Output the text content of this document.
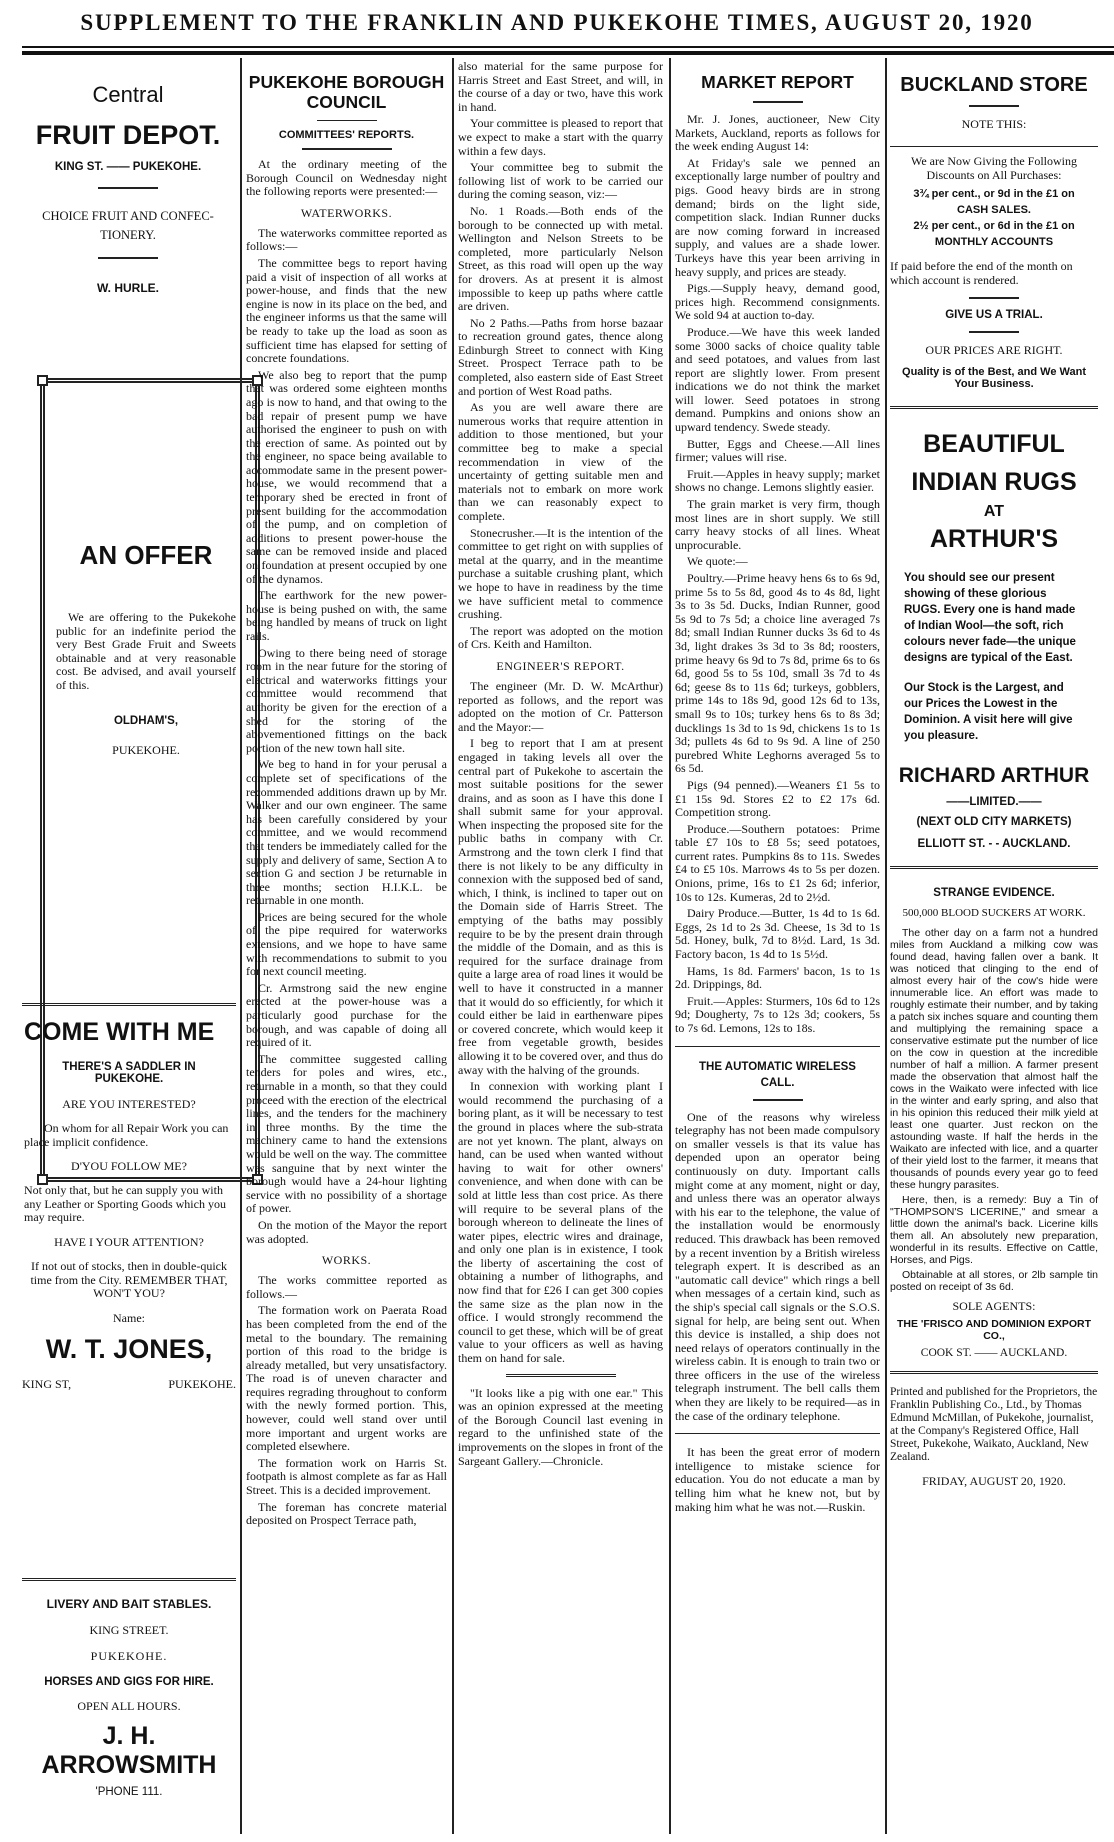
SUPPLEMENT TO THE FRANKLIN AND PUKEKOHE TIMES, AUGUST 20, 1920
Central
FRUIT DEPOT.
KING ST. —— PUKEKOHE.
CHOICE FRUIT AND CONFEC-TIONERY.
W. HURLE.
AN OFFER
We are offering to the Pukekohe public for an indefinite period the very Best Grade Fruit and Sweets obtainable and at very reasonable cost. Be advised, and avail yourself of this.
OLDHAM'S,
PUKEKOHE.
COME WITH ME
THERE'S A SADDLER IN PUKEKOHE.
ARE YOU INTERESTED?
On whom for all Repair Work you can place implicit confidence.
D'YOU FOLLOW ME?
Not only that, but he can supply you with any Leather or Sporting Goods which you may require.
HAVE I YOUR ATTENTION?
If not out of stocks, then in double-quick time from the City. REMEMBER THAT, WON'T YOU?
Name:
W. T. JONES,
KING ST,	PUKEKOHE.
LIVERY AND BAIT STABLES.
KING STREET.
PUKEKOHE.
HORSES AND GIGS FOR HIRE.
OPEN ALL HOURS.
J. H. ARROWSMITH
'PHONE 111.
PUKEKOHE BOROUGH COUNCIL
COMMITTEES' REPORTS.

At the ordinary meeting of the Borough Council on Wednesday night the following reports were presented:—

WATERWORKS.

The waterworks committee reported as follows:—

The committee begs to report having paid a visit of inspection of all works at power-house, and finds that the new engine is now in its place on the bed, and the engineer informs us that the same will be ready to take up the load as soon as sufficient time has elapsed for setting of concrete foundations.

We also beg to report that the pump that was ordered some eighteen months ago is now to hand, and that owing to the bad repair of present pump we have authorised the engineer to push on with the erection of same. As pointed out by the engineer, no space being available to accommodate same in the present power-house, we would recommend that a temporary shed be erected in front of present building for the accommodation of the pump, and on completion of additions to present power-house the same can be removed inside and placed on foundation at present occupied by one of the dynamos.

The earthwork for the new power-house is being pushed on with, the same being handled by means of truck on light rails.

Owing to there being need of storage room in the near future for the storing of electrical and waterworks fittings your committee would recommend that authority be given for the erection of a shed for the storing of the abovementioned fittings on the back portion of the new town hall site.

We beg to hand in for your perusal a complete set of specifications of the recommended additions drawn up by Mr. Walker and our own engineer. The same has been carefully considered by your committee, and we would recommend that tenders be immediately called for the supply and delivery of same, Section A to section G and section J be returnable in three months; section H.I.K.L. be returnable in one month.

Prices are being secured for the whole of the pipe required for waterworks extensions, and we hope to have same with recommendations to submit to you for next council meeting.

Cr. Armstrong said the new engine erected at the power-house was a particularly good purchase for the borough, and was capable of doing all required of it.

The committee suggested calling tenders for poles and wires, etc., returnable in a month, so that they could proceed with the erection of the electrical lines, and the tenders for the machinery in three months. By the time the machinery came to hand the extensions would be well on the way. The committee was sanguine that by next winter the borough would have a 24-hour lighting service with no possibility of a shortage of power.

On the motion of the Mayor the report was adopted.

WORKS.

The works committee reported as follows.—

The formation work on Paerata Road has been completed from the end of the metal to the boundary. The remaining portion of this road to the bridge is already metalled, but very unsatisfactory. The road is of uneven character and requires regrading throughout to conform with the newly formed portion. This, however, could well stand over until more important and urgent works are completed elsewhere.

The formation work on Harris St. footpath is almost complete as far as Hall Street. This is a decided improvement.

The foreman has concrete material deposited on Prospect Terrace path,

also material for the same purpose for Harris Street and East Street, and will, in the course of a day or two, have this work in hand.

Your committee is pleased to report that we expect to make a start with the quarry within a few days.

Your committee beg to submit the following list of work to be carried our during the coming season, viz:—

No. 1 Roads.—Both ends of the borough to be connected up with metal. Wellington and Nelson Streets to be completed, more particularly Nelson Street, as this road will open up the way for drovers. As at present it is almost impossible to keep up paths where cattle are driven.

No 2 Paths.—Paths from horse bazaar to recreation ground gates, thence along Edinburgh Street to connect with King Street. Prospect Terrace path to be completed, also eastern side of East Street and portion of West Road paths.

As you are well aware there are numerous works that require attention in addition to those mentioned, but your committee beg to make a special recommendation in view of the uncertainty of getting suitable men and materials not to embark on more work than we can reasonably expect to complete.

Stonecrusher.—It is the intention of the committee to get right on with supplies of metal at the quarry, and in the meantime purchase a suitable crushing plant, which we hope to have in readiness by the time we have sufficient metal to commence crushing.

The report was adopted on the motion of Crs. Keith and Hamilton.

ENGINEER'S REPORT.

The engineer (Mr. D. W. McArthur) reported as follows, and the report was adopted on the motion of Cr. Patterson and the Mayor:—

I beg to report that I am at present engaged in taking levels all over the central part of Pukekohe to ascertain the most suitable positions for the sewer drains, and as soon as I have this done I shall submit same for your approval. When inspecting the proposed site for the public baths in company with Cr. Armstrong and the town clerk I find that there is not likely to be any difficulty in connexion with the supposed bed of sand, which, I think, is inclined to taper out on the Domain side of Harris Street. The emptying of the baths may possibly require to be by the present drain through the middle of the Domain, and as this is required for the surface drainage from quite a large area of road lines it would be well to have it constructed in a manner that it would do so efficiently, for which it could either be laid in earthenware pipes or covered concrete, which would keep it free from vegetable growth, besides allowing it to be covered over, and thus do away with the halving of the grounds.

In connexion with working plant I would recommend the purchasing of a boring plant, as it will be necessary to test the ground in places where the sub-strata are not yet known. The plant, always on hand, can be used when wanted without having to wait for other owners' convenience, and when done with can be sold at little less than cost price. As there will require to be several plans of the borough whereon to delineate the lines of water pipes, electric wires and drainage, and only one plan is in existence, I took the liberty of ascertaining the cost of obtaining a number of lithographs, and now find that for £26 I can get 300 copies the same size as the plan now in the office. I would strongly recommend the council to get these, which will be of great value to your officers as well as having them on hand for sale.

"It looks like a pig with one ear." This was an opinion expressed at the meeting of the Borough Council last evening in regard to the unfinished state of the improvements on the slopes in front of the Sargeant Gallery.—Chronicle.

MARKET REPORT

Mr. J. Jones, auctioneer, New City Markets, Auckland, reports as follows for the week ending August 14:

At Friday's sale we penned an exceptionally large number of poultry and pigs. Good heavy birds are in strong demand; birds on the light side, competition slack. Indian Runner ducks are now coming forward in increased supply, and values are a shade lower. Turkeys have this year been arriving in heavy supply, and prices are steady.

Pigs.—Supply heavy, demand good, prices high. Recommend consignments. We sold 94 at auction to-day.

Produce.—We have this week landed some 3000 sacks of choice quality table and seed potatoes, and values from last report are slightly lower. From present indications we do not think the market will lower. Seed potatoes in strong demand. Pumpkins and onions show an upward tendency. Swede steady.

Butter, Eggs and Cheese.—All lines firmer; values will rise.

Fruit.—Apples in heavy supply; market shows no change. Lemons slightly easier.

The grain market is very firm, though most lines are in short supply. We still carry heavy stocks of all lines. Wheat unprocurable.

We quote:—

Poultry.—Prime heavy hens 6s to 6s 9d, prime 5s to 5s 8d, good 4s to 4s 8d, light 3s to 3s 5d. Ducks, Indian Runner, good 5s 9d to 7s 5d; a choice line averaged 7s 8d; small Indian Runner ducks 3s 6d to 4s 3d, light drakes 3s 3d to 3s 8d; roosters, prime heavy 6s 9d to 7s 8d, prime 6s to 6s 6d, good 5s to 5s 10d, small 3s 7d to 4s 6d; geese 8s to 11s 6d; turkeys, gobblers, prime 14s to 18s 9d, good 12s 6d to 13s, small 9s to 10s; turkey hens 6s to 8s 3d; ducklings 1s 3d to 1s 9d, chickens 1s to 1s 3d; pullets 4s 6d to 9s 9d. A line of 250 purebred White Leghorns averaged 5s to 6s 5d.

Pigs (94 penned).—Weaners £1 5s to £1 15s 9d. Stores £2 to £2 17s 6d. Competition strong.

Produce.—Southern potatoes: Prime table £7 10s to £8 5s; seed potatoes, current rates. Pumpkins 8s to 11s. Swedes £4 to £5 10s. Marrows 4s to 5s per dozen. Onions, prime, 16s to £1 2s 6d; inferior, 10s to 12s. Kumeras, 2d to 2½d.

Dairy Produce.—Butter, 1s 4d to 1s 6d. Eggs, 2s 1d to 2s 3d. Cheese, 1s 3d to 1s 5d. Honey, bulk, 7d to 8½d. Lard, 1s 3d. Factory bacon, 1s 4d to 1s 5½d.

Hams, 1s 8d. Farmers' bacon, 1s to 1s 2d. Drippings, 8d.

Fruit.—Apples: Sturmers, 10s 6d to 12s 9d; Dougherty, 7s to 12s 3d; cookers, 5s to 7s 6d. Lemons, 12s to 18s.

THE AUTOMATIC WIRELESS CALL.

One of the reasons why wireless telegraphy has not been made compulsory on smaller vessels is that its value has depended upon an operator being continuously on duty. Important calls might come at any moment, night or day, and unless there was an operator always with his ear to the telephone, the value of the installation would be enormously reduced. This drawback has been removed by a recent invention by a British wireless telegraph expert. It is described as an "automatic call device" which rings a bell when messages of a certain kind, such as the ship's special call signals or the S.O.S. signal for help, are being sent out. When this device is installed, a ship does not need relays of operators continually in the wireless cabin. It is enough to train two or three officers in the use of the wireless telegraph instrument. The bell calls them when they are likely to be required—as in the case of the ordinary telephone.

It has been the great error of modern intelligence to mistake science for education. You do not educate a man by telling him what he knew not, but by making him what he was not.—Ruskin.

BUCKLAND STORE
NOTE THIS:
We are Now Giving the Following Discounts on All Purchases:
3¾ per cent., or 9d in the £1 on
CASH SALES.
2½ per cent., or 6d in the £1 on
MONTHLY ACCOUNTS
If paid before the end of the month on which account is rendered.
GIVE US A TRIAL.
OUR PRICES ARE RIGHT.
Quality is of the Best, and We Want Your Business.
BEAUTIFUL
INDIAN RUGS
AT
ARTHUR'S
You should see our present showing of these glorious RUGS. Every one is hand made of Indian Wool—the soft, rich colours never fade—the unique designs are typical of the East.
Our Stock is the Largest, and our Prices the Lowest in the Dominion. A visit here will give you pleasure.
RICHARD ARTHUR
——LIMITED.——
(NEXT OLD CITY MARKETS)
ELLIOTT ST. - - AUCKLAND.
STRANGE EVIDENCE.
500,000 BLOOD SUCKERS AT WORK.

The other day on a farm not a hundred miles from Auckland a milking cow was found dead, having fallen over a bank. It was noticed that clinging to the end of almost every hair of the cow's hide were innumerable lice. An effort was made to roughly estimate their number, and by taking a patch six inches square and counting them and multiplying the remaining space a conservative estimate put the number of lice on the cow in question at the incredible number of half a million. A farmer present made the observation that almost half the cows in the Waikato were infected with lice in the winter and early spring, and also that in his opinion this reduced their milk yield at least one quarter. Just reckon on the astounding waste. If half the herds in the Waikato are infected with lice, and a quarter of their yield lost to the farmer, it means that thousands of pounds every year go to feed these hungry parasites.

Here, then, is a remedy: Buy a Tin of "THOMPSON'S LICERINE," and smear a little down the animal's back. Licerine kills them all. An absolutely new preparation, wonderful in its results. Effective on Cattle, Horses, and Pigs.

Obtainable at all stores, or 2lb sample tin posted on receipt of 3s 6d.

SOLE AGENTS:
THE 'FRISCO AND DOMINION EXPORT CO.,
COOK ST. —— AUCKLAND.
Printed and published for the Proprietors, the Franklin Publishing Co., Ltd., by Thomas Edmund McMillan, of Pukekohe, journalist, at the Company's Registered Office, Hall Street, Pukekohe, Waikato, Auckland, New Zealand.
FRIDAY, AUGUST 20, 1920.
